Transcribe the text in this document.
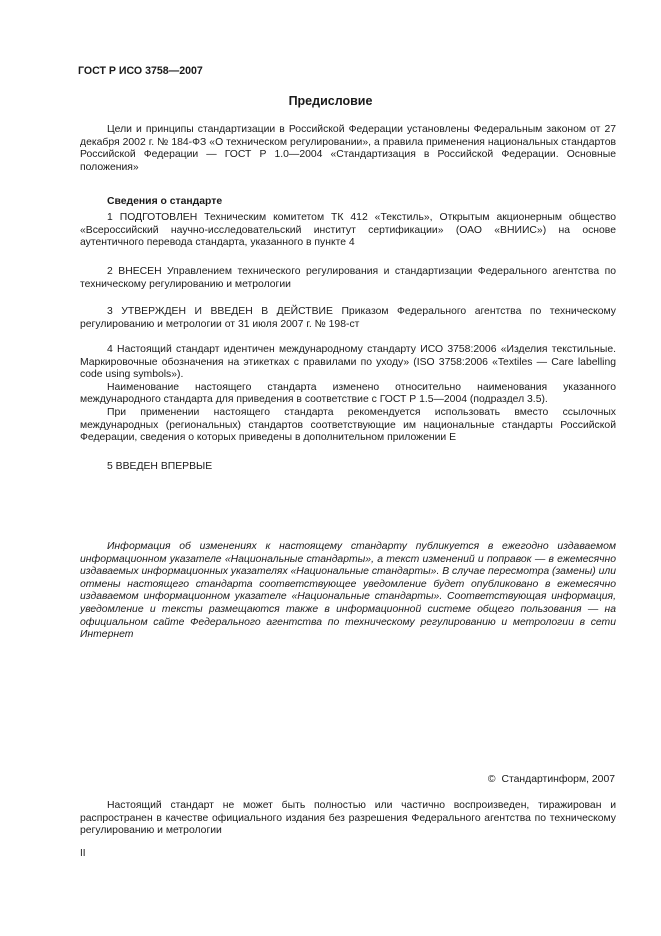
ГОСТ Р ИСО 3758—2007
Предисловие

Цели и принципы стандартизации в Российской Федерации установлены Федеральным законом от 27 декабря 2002 г. № 184-ФЗ «О техническом регулировании», а правила применения национальных стандартов Российской Федерации — ГОСТ Р 1.0—2004 «Стандартизация в Российской Федерации. Основные положения»

Сведения о стандарте

1 ПОДГОТОВЛЕН Техническим комитетом ТК 412 «Текстиль», Открытым акционерным общество «Всероссийский научно-исследовательский институт сертификации» (ОАО «ВНИИС») на основе аутентичного перевода стандарта, указанного в пункте 4

2 ВНЕСЕН Управлением технического регулирования и стандартизации Федерального агентства по техническому регулированию и метрологии

3 УТВЕРЖДЕН И ВВЕДЕН В ДЕЙСТВИЕ Приказом Федерального агентства по техническому регулированию и метрологии от 31 июля 2007 г. № 198-ст

4 Настоящий стандарт идентичен международному стандарту ИСО 3758:2006 «Изделия текстильные. Маркировочные обозначения на этикетках с правилами по уходу» (ISO 3758:2006 «Textiles — Care labelling code using symbols»).

Наименование настоящего стандарта изменено относительно наименования указанного международного стандарта для приведения в соответствие с ГОСТ Р 1.5—2004 (подраздел 3.5).

При применении настоящего стандарта рекомендуется использовать вместо ссылочных международных (региональных) стандартов соответствующие им национальные стандарты Российской Федерации, сведения о которых приведены в дополнительном приложении Е

5 ВВЕДЕН ВПЕРВЫЕ

Информация об изменениях к настоящему стандарту публикуется в ежегодно издаваемом информационном указателе «Национальные стандарты», а текст изменений и поправок — в ежемесячно издаваемых информационных указателях «Национальные стандарты». В случае пересмотра (замены) или отмены настоящего стандарта соответствующее уведомление будет опубликовано в ежемесячно издаваемом информационном указателе «Национальные стандарты». Соответствующая информация, уведомление и тексты размещаются также в информационной системе общего пользования — на официальном сайте Федерального агентства по техническому регулированию и метрологии в сети Интернет

© Стандартинформ, 2007

Настоящий стандарт не может быть полностью или частично воспроизведен, тиражирован и распространен в качестве официального издания без разрешения Федерального агентства по техническому регулированию и метрологии

II
